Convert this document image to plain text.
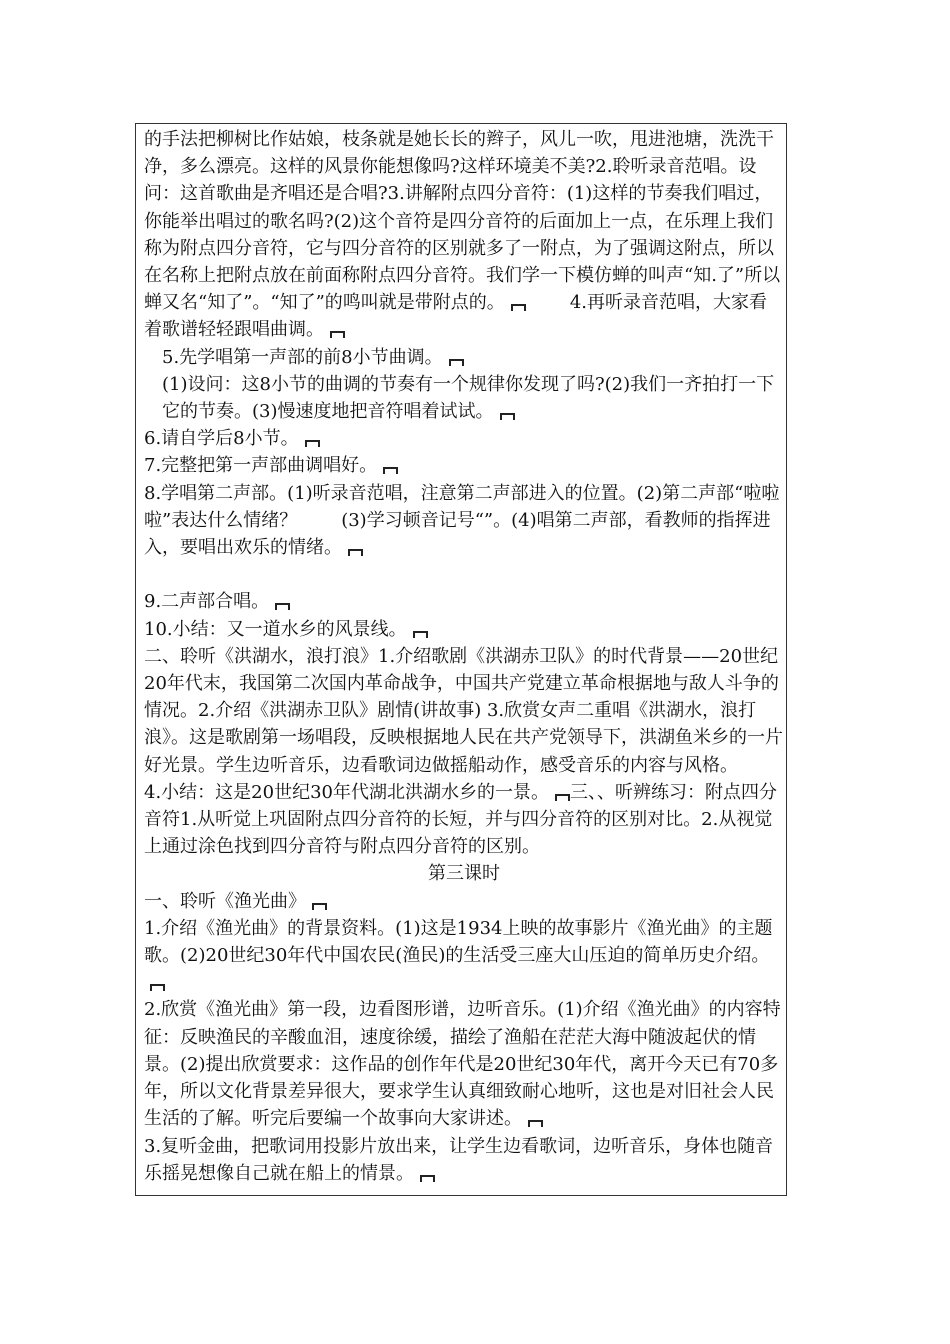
的手法把柳树比作姑娘，枝条就是她长长的辫子，风儿一吹，甩进池塘，洗洗干净，多么漂亮。这样的风景你能想像吗?这样环境美不美?2.聆听录音范唱。设问：这首歌曲是齐唱还是合唱?3.讲解附点四分音符：(1)这样的节奏我们唱过，你能举出唱过的歌名吗?(2)这个音符是四分音符的后面加上一点，在乐理上我们称为附点四分音符，它与四分音符的区别就多了一附点，为了强调这附点，所以在名称上把附点放在前面称附点四分音符。我们学一下模仿蝉的叫声“知.了”所以蝉又名“知了”。“知了”的鸣叫就是带附点的。	4.再听录音范唱，大家看着歌谱轻轻跟唱曲调。

5.先学唱第一声部的前8小节曲调。

(1)设问：这8小节的曲调的节奏有一个规律你发现了吗?(2)我们一齐拍打一下它的节奏。(3)慢速度地把音符唱着试试。

6.请自学后8小节。

7.完整把第一声部曲调唱好。

8.学唱第二声部。(1)听录音范唱，注意第二声部进入的位置。(2)第二声部“啦啦啦”表达什么情绪？ (3)学习顿音记号“”。(4)唱第二声部，看教师的指挥进入，要唱出欢乐的情绪。

9.二声部合唱。

10.小结：又一道水乡的风景线。

二、聆听《洪湖水，浪打浪》1.介绍歌剧《洪湖赤卫队》的时代背景——20世纪20年代末，我国第二次国内革命战争，中国共产党建立革命根据地与敌人斗争的情况。2.介绍《洪湖赤卫队》剧情(讲故事) 3.欣赏女声二重唱《洪湖水，浪打浪》。这是歌剧第一场唱段，反映根据地人民在共产党领导下，洪湖鱼米乡的一片好光景。学生边听音乐，边看歌词边做摇船动作，感受音乐的内容与风格。

4.小结：这是20世纪30年代湖北洪湖水乡的一景。 三、、听辨练习：附点四分音符1.从听觉上巩固附点四分音符的长短，并与四分音符的区别对比。2.从视觉上通过涂色找到四分音符与附点四分音符的区别。

第三课时

一、聆听《渔光曲》

1.介绍《渔光曲》的背景资料。(1)这是1934上映的故事影片《渔光曲》的主题歌。(2)20世纪30年代中国农民(渔民)的生活受三座大山压迫的简单历史介绍。

2.欣赏《渔光曲》第一段，边看图形谱，边听音乐。(1)介绍《渔光曲》的内容特征：反映渔民的辛酸血泪，速度徐缓，描绘了渔船在茫茫大海中随波起伏的情景。(2)提出欣赏要求：这作品的创作年代是20世纪30年代，离开今天已有70多年，所以文化背景差异很大，要求学生认真细致耐心地听，这也是对旧社会人民生活的了解。听完后要编一个故事向大家讲述。

3.复听金曲，把歌词用投影片放出来，让学生边看歌词，边听音乐，身体也随音乐摇晃想像自己就在船上的情景。
